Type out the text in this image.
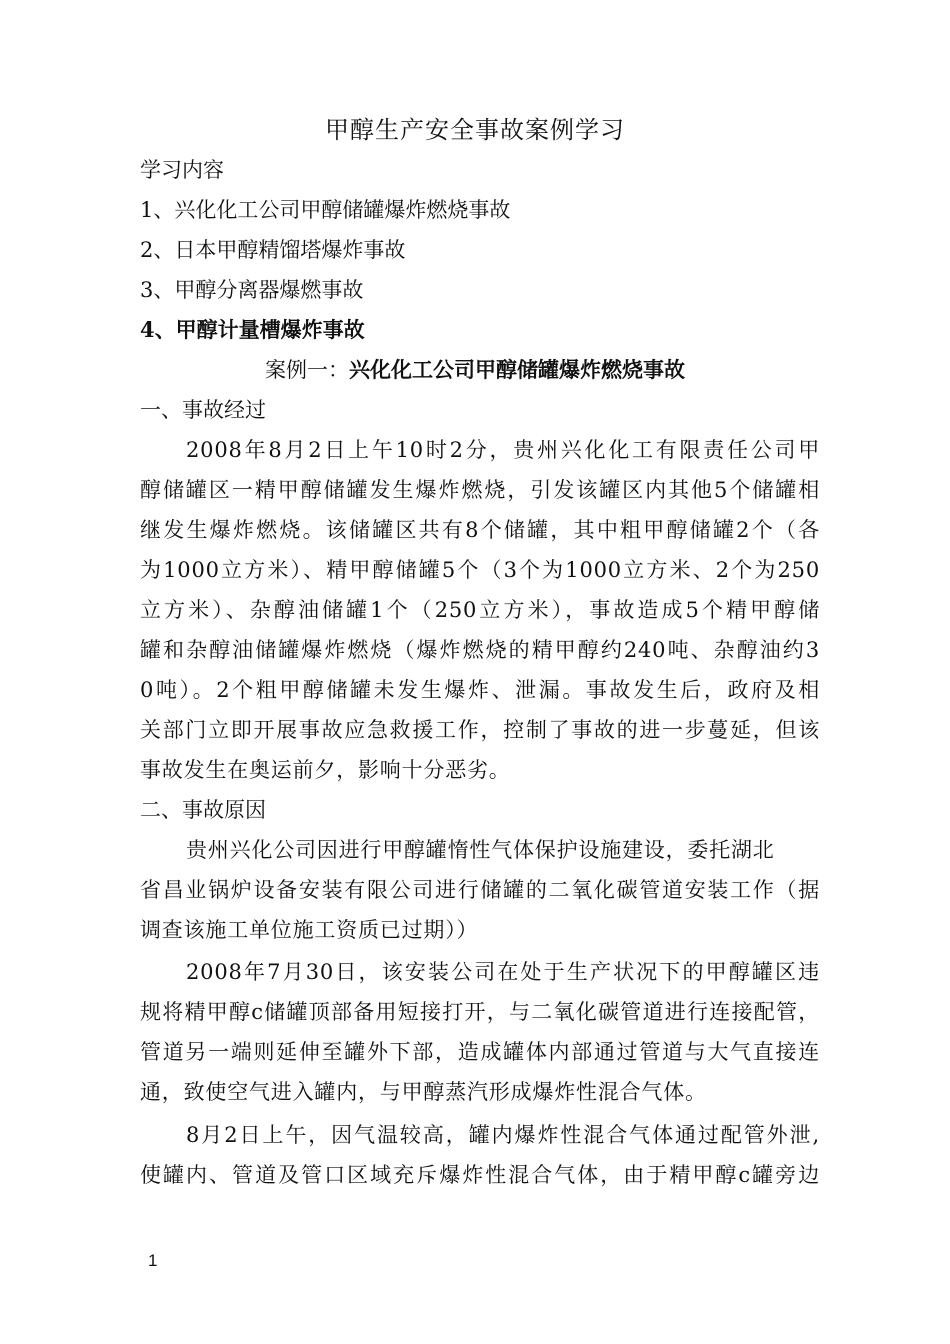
甲醇生产安全事故案例学习
学习内容
1、兴化化工公司甲醇储罐爆炸燃烧事故
2、日本甲醇精馏塔爆炸事故
3、甲醇分离器爆燃事故
4、甲醇计量槽爆炸事故
案例一：兴化化工公司甲醇储罐爆炸燃烧事故
一、事故经过
2008年8月2日上午10时2分，贵州兴化化工有限责任公司甲
醇储罐区一精甲醇储罐发生爆炸燃烧，引发该罐区内其他5个储罐相
继发生爆炸燃烧。该储罐区共有8个储罐，其中粗甲醇储罐2个（各
为1000立方米）、精甲醇储罐5个（3个为1000立方米、2个为250
立方米）、杂醇油储罐1个（250立方米），事故造成5个精甲醇储
罐和杂醇油储罐爆炸燃烧（爆炸燃烧的精甲醇约240吨、杂醇油约3
0吨）。2个粗甲醇储罐未发生爆炸、泄漏。事故发生后，政府及相
关部门立即开展事故应急救援工作，控制了事故的进一步蔓延，但该
事故发生在奥运前夕，影响十分恶劣。
二、事故原因
贵州兴化公司因进行甲醇罐惰性气体保护设施建设，委托湖北
省昌业锅炉设备安装有限公司进行储罐的二氧化碳管道安装工作（据
调查该施工单位施工资质已过期））
2008年7月30日，该安装公司在处于生产状况下的甲醇罐区违
规将精甲醇c储罐顶部备用短接打开，与二氧化碳管道进行连接配管，
管道另一端则延伸至罐外下部，造成罐体内部通过管道与大气直接连
通，致使空气进入罐内，与甲醇蒸汽形成爆炸性混合气体。
8月2日上午，因气温较高，罐内爆炸性混合气体通过配管外泄,
使罐内、管道及管口区域充斥爆炸性混合气体，由于精甲醇c罐旁边
1
